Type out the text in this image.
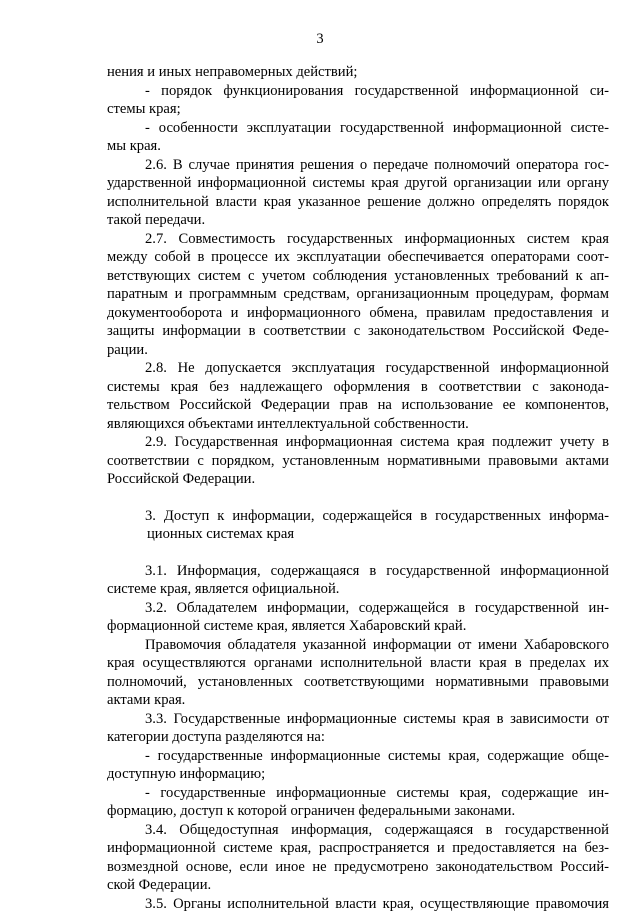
3
нения и иных неправомерных действий;
- порядок функционирования государственной информационной си-
стемы края;
- особенности эксплуатации государственной информационной систе-
мы края.
2.6. В случае принятия решения о передаче полномочий оператора гос-
ударственной информационной системы края другой организации или органу
исполнительной власти края указанное решение должно определять порядок
такой передачи.
2.7. Совместимость государственных информационных систем края
между собой в процессе их эксплуатации обеспечивается операторами соот-
ветствующих систем с учетом соблюдения установленных требований к ап-
паратным и программным средствам, организационным процедурам, формам
документооборота и информационного обмена, правилам предоставления и
защиты информации в соответствии с законодательством Российской Феде-
рации.
2.8. Не допускается эксплуатация государственной информационной
системы края без надлежащего оформления в соответствии с законода-
тельством Российской Федерации прав на использование ее компонентов,
являющихся объектами интеллектуальной собственности.
2.9. Государственная информационная система края подлежит учету в
соответствии с порядком, установленным нормативными правовыми актами
Российской Федерации.
3. Доступ к информации, содержащейся в государственных информа-
ционных системах края
3.1. Информация, содержащаяся в государственной информационной
системе края, является официальной.
3.2. Обладателем информации, содержащейся в государственной ин-
формационной системе края, является Хабаровский край.
Правомочия обладателя указанной информации от имени Хабаровского
края осуществляются органами исполнительной власти края в пределах их
полномочий, установленных соответствующими нормативными правовыми
актами края.
3.3. Государственные информационные системы края в зависимости от
категории доступа разделяются на:
- государственные информационные системы края, содержащие обще-
доступную информацию;
- государственные информационные системы края, содержащие ин-
формацию, доступ к которой ограничен федеральными законами.
3.4. Общедоступная информация, содержащаяся в государственной
информационной системе края, распространяется и предоставляется на без-
возмездной основе, если иное не предусмотрено законодательством Россий-
ской Федерации.
3.5. Органы исполнительной власти края, осуществляющие правомочия
